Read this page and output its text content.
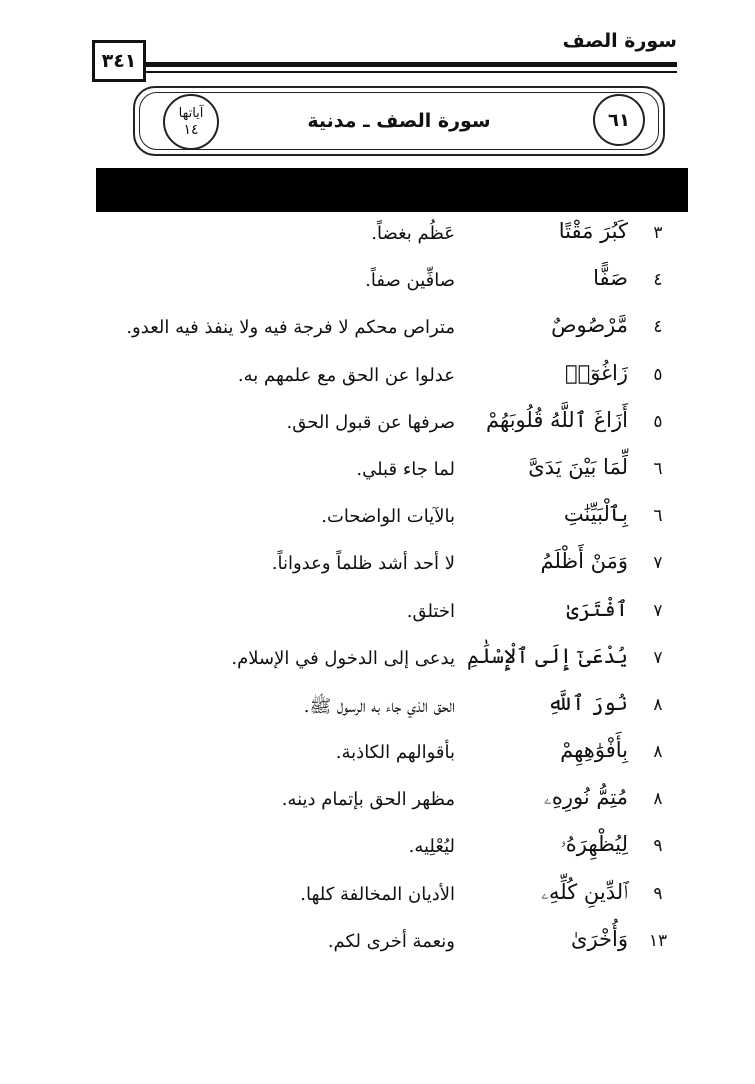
سورة الصف
٣٤١
٦١
سورة الصف ـ مدنية
آياتها
١٤
٣
كَبُرَ مَقْتًا
عَظُم بغضاً.
٤
صَفًّا
صافِّين صفاً.
٤
مَّرْصُوصٌ
متراص محكم لا فرجة فيه ولا ينفذ فيه العدو.
٥
زَاغُوٓا۟
عدلوا عن الحق مع علمهم به.
٥
أَزَاغَ ٱللَّهُ قُلُوبَهُمْ
صرفها عن قبول الحق.
٦
لِّمَا بَيْنَ يَدَىَّ
لما جاء قبلي.
٦
بِٱلْبَيِّنَٰتِ
بالآيات الواضحات.
٧
وَمَنْ أَظْلَمُ
لا أحد أشد ظلماً وعدواناً.
٧
ٱفْتَرَىٰ
اختلق.
٧
يُدْعَىٰٓ إِلَى ٱلْإِسْلَٰمِ
يدعى إلى الدخول في الإسلام.
٨
نُورَ ٱللَّهِ
الحق الذي جاء به الرسول ﷺ.
٨
بِأَفْوَٰهِهِمْ
بأقوالهم الكاذبة.
٨
مُتِمُّ نُورِهِۦ
مظهر الحق بإتمام دينه.
٩
لِيُظْهِرَهُۥ
ليُعْلِيه.
٩
ٱلدِّينِ كُلِّهِۦ
الأديان المخالفة كلها.
١٣
وَأُخْرَىٰ
ونعمة أخرى لكم.
